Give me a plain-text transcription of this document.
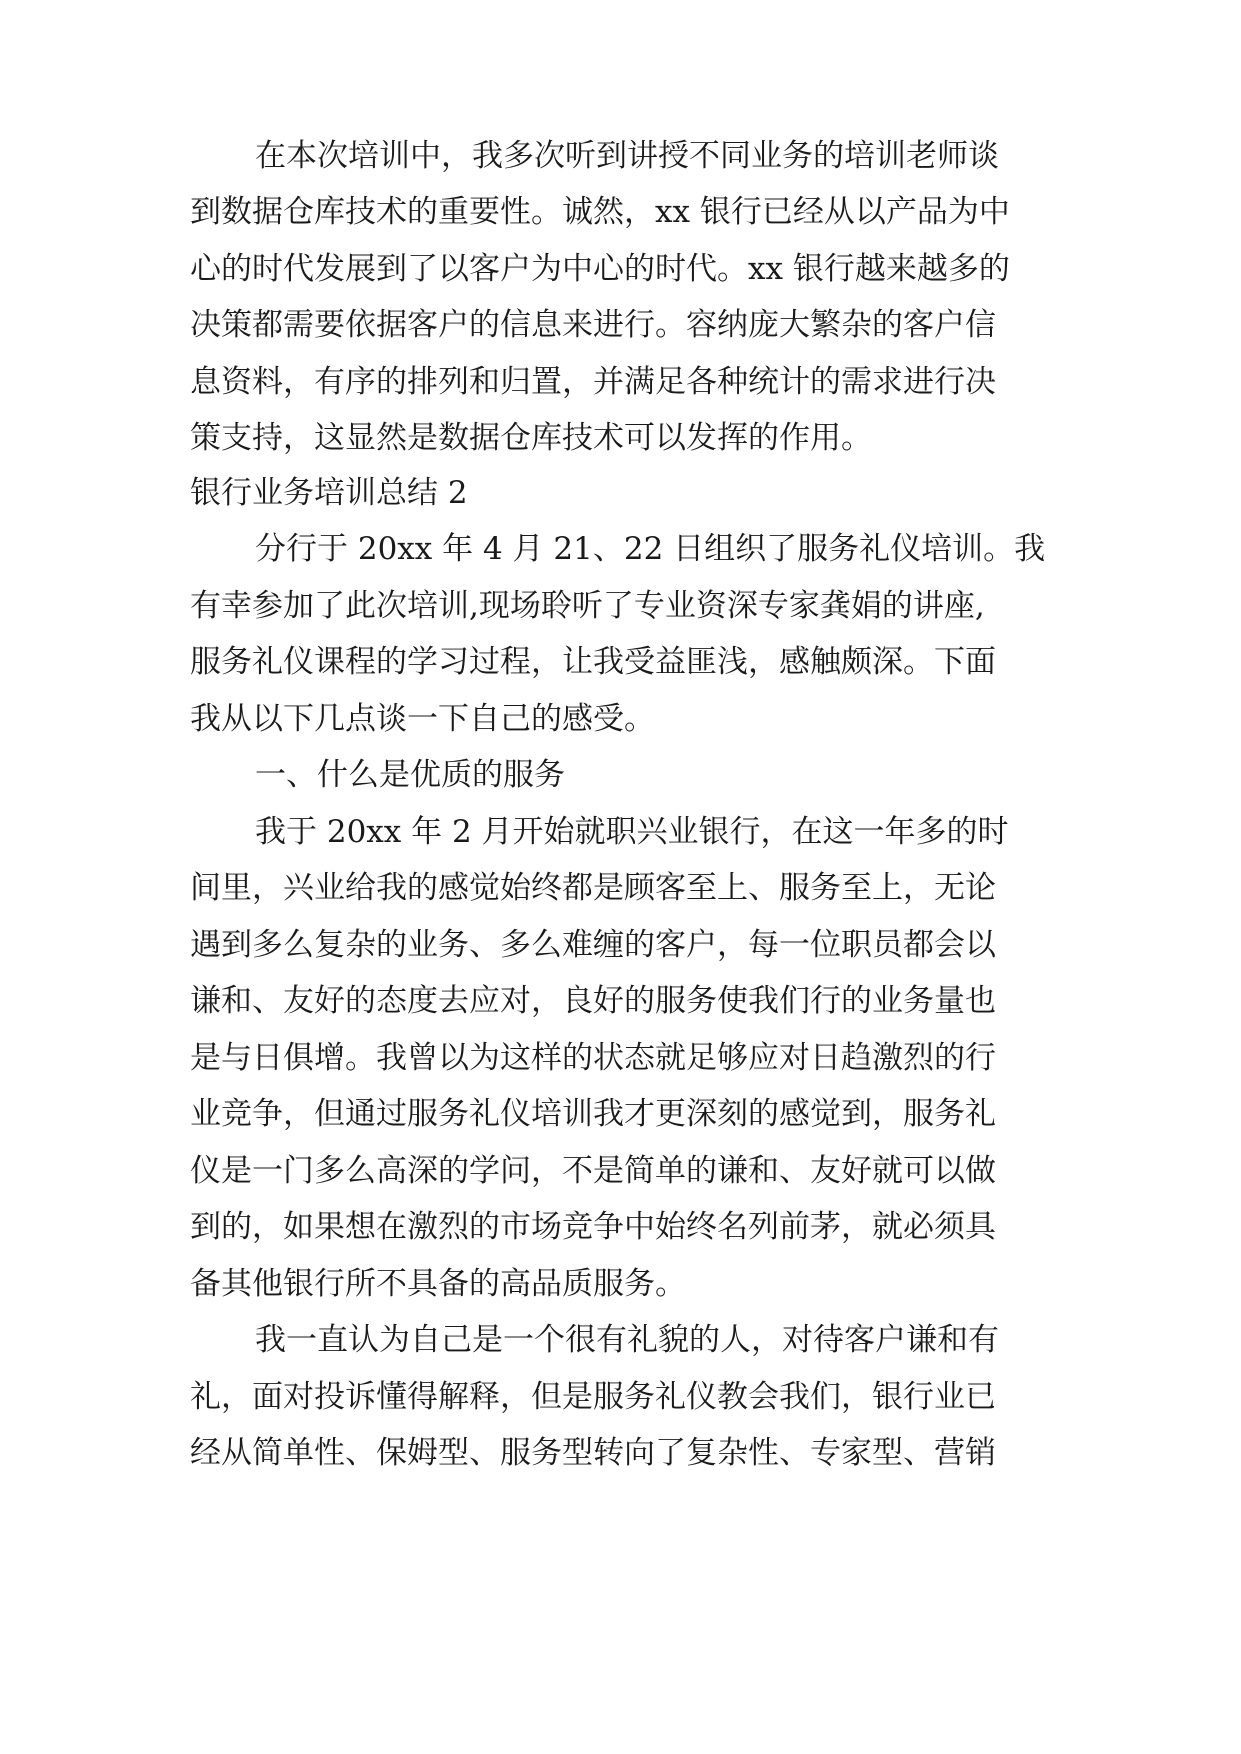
在本次培训中，我多次听到讲授不同业务的培训老师谈
到数据仓库技术的重要性。诚然，xx 银行已经从以产品为中
心的时代发展到了以客户为中心的时代。xx 银行越来越多的
决策都需要依据客户的信息来进行。容纳庞大繁杂的客户信
息资料，有序的排列和归置，并满足各种统计的需求进行决
策支持，这显然是数据仓库技术可以发挥的作用。
银行业务培训总结 2
分行于 20xx 年 4 月 21、22 日组织了服务礼仪培训。我
有幸参加了此次培训,现场聆听了专业资深专家龚娟的讲座,
服务礼仪课程的学习过程，让我受益匪浅，感触颇深。下面
我从以下几点谈一下自己的感受。
一、什么是优质的服务
我于 20xx 年 2 月开始就职兴业银行，在这一年多的时
间里，兴业给我的感觉始终都是顾客至上、服务至上，无论
遇到多么复杂的业务、多么难缠的客户，每一位职员都会以
谦和、友好的态度去应对，良好的服务使我们行的业务量也
是与日俱增。我曾以为这样的状态就足够应对日趋激烈的行
业竞争，但通过服务礼仪培训我才更深刻的感觉到，服务礼
仪是一门多么高深的学问，不是简单的谦和、友好就可以做
到的，如果想在激烈的市场竞争中始终名列前茅，就必须具
备其他银行所不具备的高品质服务。
我一直认为自己是一个很有礼貌的人，对待客户谦和有
礼，面对投诉懂得解释，但是服务礼仪教会我们，银行业已
经从简单性、保姆型、服务型转向了复杂性、专家型、营销
